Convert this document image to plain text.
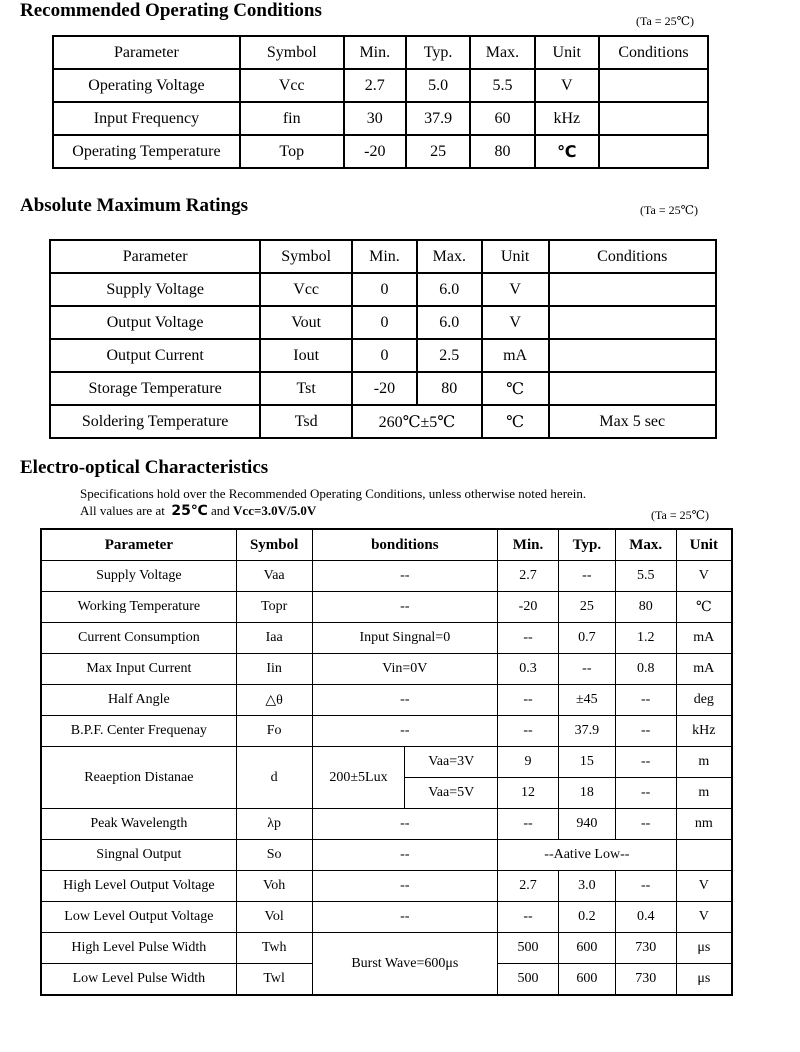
Recommended Operating Conditions	(Ta = 25℃)
Parameter	Symbol	Min.	Typ.	Max.	Unit	Conditions
Operating Voltage	Vcc	2.7	5.0	5.5	V	
Input Frequency	fin	30	37.9	60	kHz	
Operating Temperature	Top	-20	25	80	℃	
Absolute Maximum Ratings	(Ta = 25℃)
Parameter	Symbol	Min.	Max.	Unit	Conditions
Supply Voltage	Vcc	0	6.0	V	
Output Voltage	Vout	0	6.0	V	
Output Current	Iout	0	2.5	mA	
Storage Temperature	Tst	-20	80	℃	
Soldering Temperature	Tsd	260℃±5℃		℃	Max 5 sec
Electro-optical Characteristics
Specifications hold over the Recommended Operating Conditions, unless otherwise noted herein.
All values are at 25℃ and Vcc=3.0V/5.0V	(Ta = 25℃)
Parameter	Symbol	bonditions		Min.	Typ.	Max.	Unit
Supply Voltage	Vaa	--		2.7	--	5.5	V
Working Temperature	Topr	--		-20	25	80	℃
Current Consumption	Iaa	Input Singnal=0		--	0.7	1.2	mA
Max Input Current	Iin	Vin=0V		0.3	--	0.8	mA
Half Angle	△θ	--		--	±45	--	deg
B.P.F. Center Frequenay	Fo	--		--	37.9	--	kHz
Reaeption Distanae	d	200±5Lux	Vaa=3V	9	15	--	m
			Vaa=5V	12	18	--	m
Peak Wavelength	λp	--		--	940	--	nm
Singnal Output	So	--		--Aative Low--			
High Level Output Voltage	Voh	--		2.7	3.0	--	V
Low Level Output Voltage	Vol	--		--	0.2	0.4	V
High Level Pulse Width	Twh	Burst Wave=600μs		500	600	730	μs
Low Level Pulse Width	Twl			500	600	730	μs
